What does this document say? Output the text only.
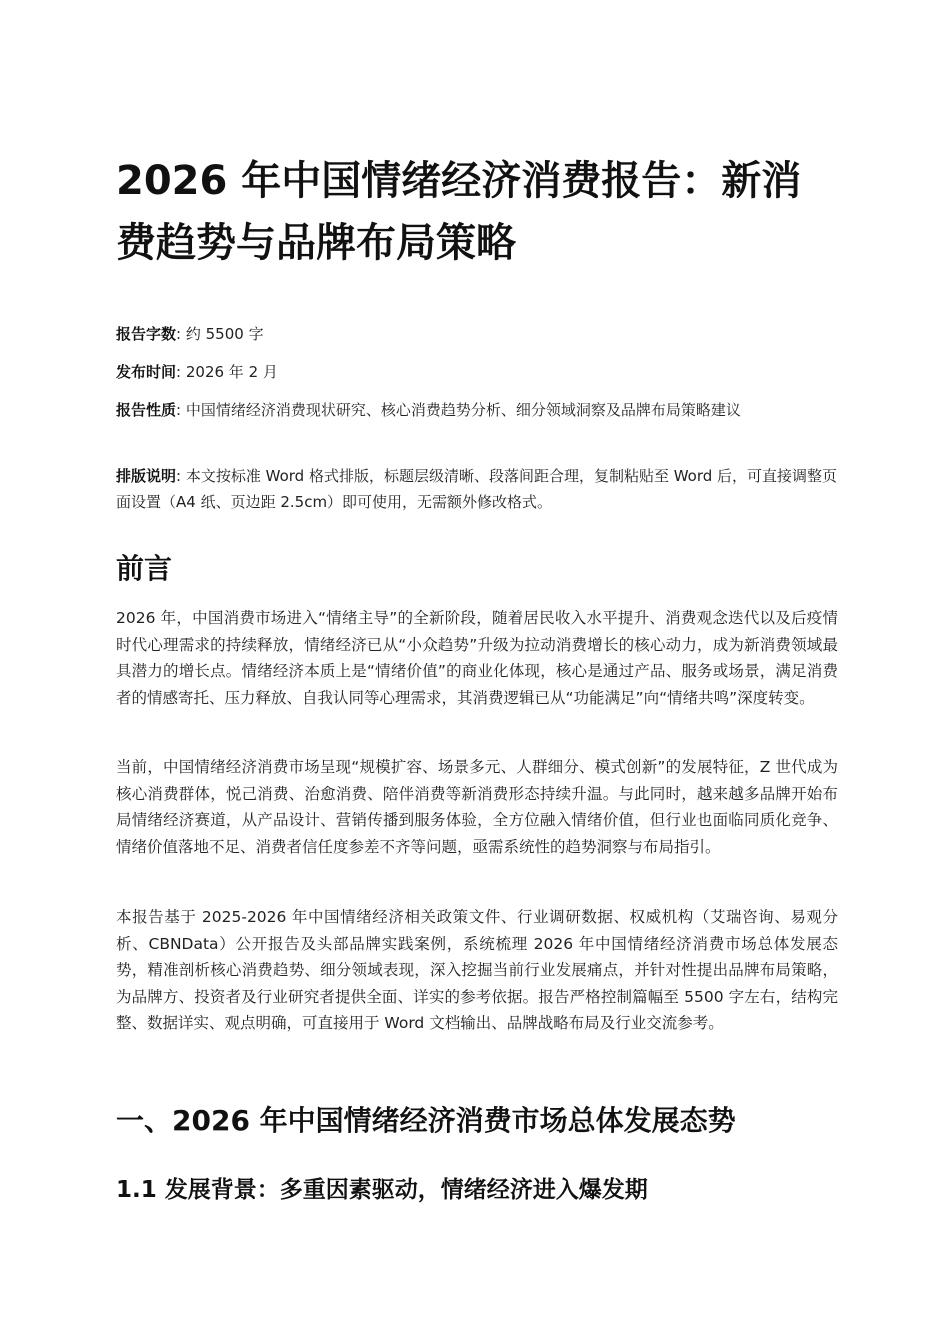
2026 年中国情绪经济消费报告：新消费趋势与品牌布局策略
报告字数: 约 5500 字
发布时间: 2026 年 2 月
报告性质: 中国情绪经济消费现状研究、核心消费趋势分析、细分领域洞察及品牌布局策略建议
排版说明: 本文按标准 Word 格式排版，标题层级清晰、段落间距合理，复制粘贴至 Word 后，可直接调整页面设置（A4 纸、页边距 2.5cm）即可使用，无需额外修改格式。
前言

2026 年，中国消费市场进入“情绪主导”的全新阶段，随着居民收入水平提升、消费观念迭代以及后疫情时代心理需求的持续释放，情绪经济已从“小众趋势”升级为拉动消费增长的核心动力，成为新消费领域最具潜力的增长点。情绪经济本质上是“情绪价值”的商业化体现，核心是通过产品、服务或场景，满足消费者的情感寄托、压力释放、自我认同等心理需求，其消费逻辑已从“功能满足”向“情绪共鸣”深度转变。

当前，中国情绪经济消费市场呈现“规模扩容、场景多元、人群细分、模式创新”的发展特征，Z 世代成为核心消费群体，悦己消费、治愈消费、陪伴消费等新消费形态持续升温。与此同时，越来越多品牌开始布局情绪经济赛道，从产品设计、营销传播到服务体验，全方位融入情绪价值，但行业也面临同质化竞争、情绪价值落地不足、消费者信任度参差不齐等问题，亟需系统性的趋势洞察与布局指引。

本报告基于 2025-2026 年中国情绪经济相关政策文件、行业调研数据、权威机构（艾瑞咨询、易观分析、CBNData）公开报告及头部品牌实践案例，系统梳理 2026 年中国情绪经济消费市场总体发展态势，精准剖析核心消费趋势、细分领域表现，深入挖掘当前行业发展痛点，并针对性提出品牌布局策略，为品牌方、投资者及行业研究者提供全面、详实的参考依据。报告严格控制篇幅至 5500 字左右，结构完整、数据详实、观点明确，可直接用于 Word 文档输出、品牌战略布局及行业交流参考。

一、2026 年中国情绪经济消费市场总体发展态势
1.1 发展背景：多重因素驱动，情绪经济进入爆发期
